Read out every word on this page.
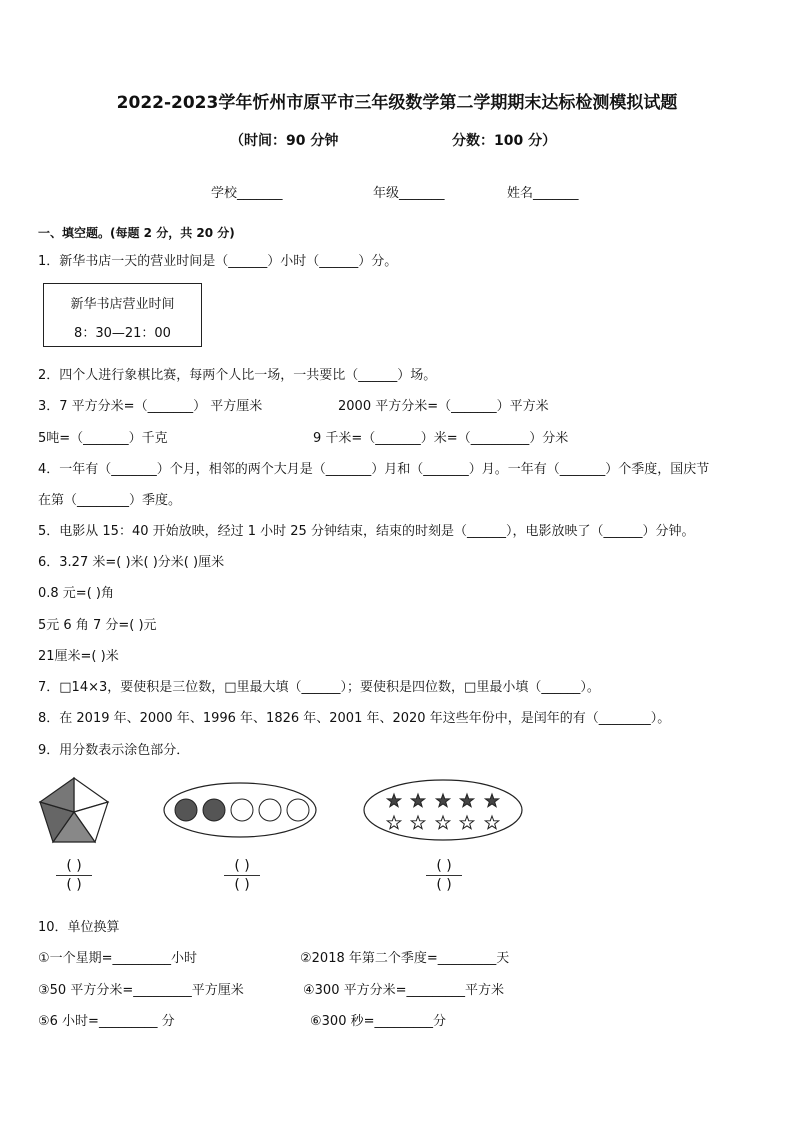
2022-2023学年忻州市原平市三年级数学第二学期期末达标检测模拟试题
（时间：90 分钟	分数：100 分）
学校_______	年级_______	姓名_______
一、填空题。(每题 2 分，共 20 分)
1．新华书店一天的营业时间是（______）小时（______）分。
新华书店营业时间
8：30—21：00
2．四个人进行象棋比赛，每两个人比一场，一共要比（______）场。
3．7 平方分米=（_______） 平方厘米	2000 平方分米=（_______）平方米
5吨=（_______）千克	9 千米=（_______）米=（_________）分米
4．一年有（_______）个月，相邻的两个大月是（_______）月和（_______）月。一年有（_______）个季度，国庆节
在第（________）季度。
5．电影从 15：40 开始放映，经过 1 小时 25 分钟结束，结束的时刻是（______），电影放映了（______）分钟。
6．3.27 米=( )米( )分米( )厘米
0.8 元=( )角
5元 6 角 7 分=( )元
21厘米=( )米
7．□14×3，要使积是三位数，□里最大填（______）；要使积是四位数，□里最小填（______）。
8．在 2019 年、2000 年、1996 年、1826 年、2001 年、2020 年这些年份中，是闰年的有（________）。
9．用分数表示涂色部分．
( )
( )
( )
( )
( )
( )
10．单位换算
①一个星期=_________小时	②2018 年第二个季度=_________天
③50 平方分米=_________平方厘米	④300 平方分米=_________平方米
⑤6 小时=_________ 分	⑥300 秒=_________分
